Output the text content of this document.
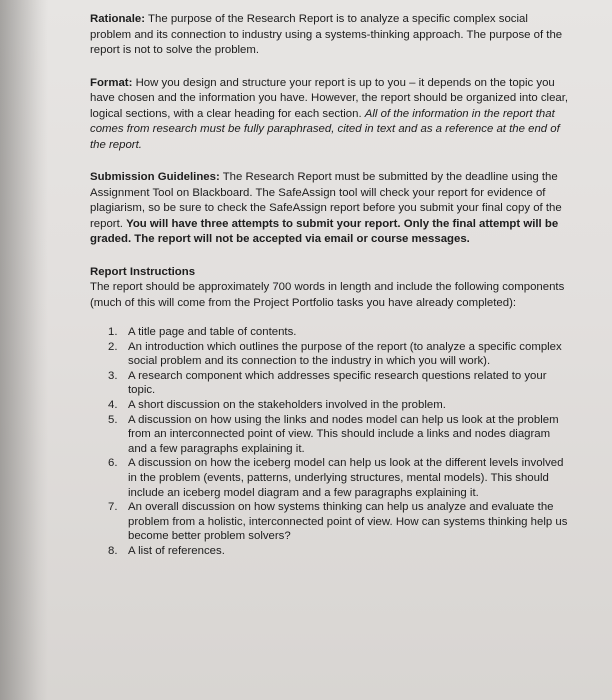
Rationale: The purpose of the Research Report is to analyze a specific complex social problem and its connection to industry using a systems-thinking approach. The purpose of the report is not to solve the problem.

Format: How you design and structure your report is up to you – it depends on the topic you have chosen and the information you have. However, the report should be organized into clear, logical sections, with a clear heading for each section. All of the information in the report that comes from research must be fully paraphrased, cited in text and as a reference at the end of the report.

Submission Guidelines: The Research Report must be submitted by the deadline using the Assignment Tool on Blackboard. The SafeAssign tool will check your report for evidence of plagiarism, so be sure to check the SafeAssign report before you submit your final copy of the report. You will have three attempts to submit your report. Only the final attempt will be graded. The report will not be accepted via email or course messages.

Report Instructions
The report should be approximately 700 words in length and include the following components (much of this will come from the Project Portfolio tasks you have already completed):
1. A title page and table of contents.
2. An introduction which outlines the purpose of the report (to analyze a specific complex social problem and its connection to the industry in which you will work).
3. A research component which addresses specific research questions related to your topic.
4. A short discussion on the stakeholders involved in the problem.
5. A discussion on how using the links and nodes model can help us look at the problem from an interconnected point of view. This should include a links and nodes diagram and a few paragraphs explaining it.
6. A discussion on how the iceberg model can help us look at the different levels involved in the problem (events, patterns, underlying structures, mental models). This should include an iceberg model diagram and a few paragraphs explaining it.
7. An overall discussion on how systems thinking can help us analyze and evaluate the problem from a holistic, interconnected point of view. How can systems thinking help us become better problem solvers?
8. A list of references.
